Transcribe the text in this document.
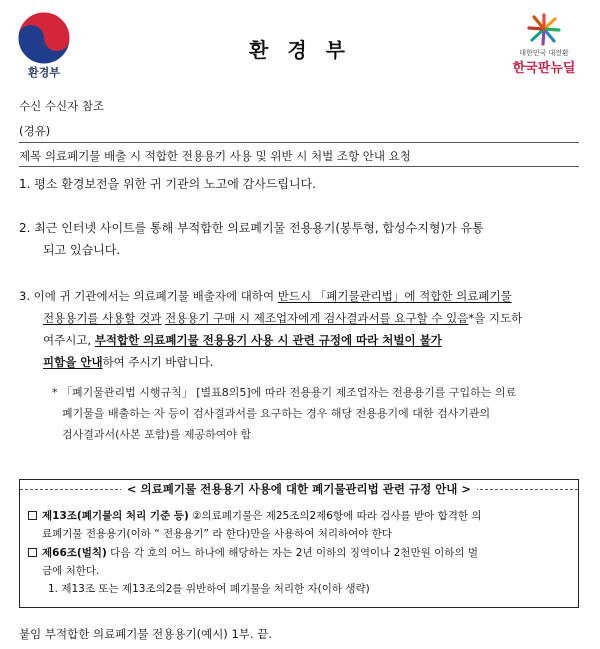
환경부
환 경 부	대한민국 대전환
한국판뉴딜
수신 수신자 참조
(경유)
제목 의료폐기물 배출 시 적합한 전용용기 사용 및 위반 시 처벌 조항 안내 요청
1. 평소 환경보전을 위한 귀 기관의 노고에 감사드립니다.
2. 최근 인터넷 사이트를 통해 부적합한 의료폐기물 전용용기(봉투형, 합성수지형)가 유통
되고 있습니다.
3. 이에 귀 기관에서는 의료폐기물 배출자에 대하여 반드시 「폐기물관리법」에 적합한 의료폐기물
전용용기를 사용할 것과 전용용기 구매 시 제조업자에게 검사결과서를 요구할 수 있음*을 지도하
여주시고, 부적합한 의료폐기물 전용용기 사용 시 관련 규정에 따라 처벌이 불가
피함을 안내하여 주시기 바랍니다.
* 「폐기물관리법 시행규칙」 [별표8의5]에 따라 전용용기 제조업자는 전용용기를 구입하는 의료
폐기물을 배출하는 자 등이 검사결과서를 요구하는 경우 해당 전용용기에 대한 검사기관의
검사결과서(사본 포함)를 제공하여야 함
< 의료폐기물 전용용기 사용에 대한 폐기물관리법 관련 규정 안내 >
제13조(폐기물의 처리 기준 등) ②의료폐기물은 제25조의2제6항에 따라 검사를 받아 합격한 의
료폐기물 전용용기(이하 “ 전용용기” 라 한다)만을 사용하여 처리하여야 한다
제66조(벌칙) 다음 각 호의 어느 하나에 해당하는 자는 2년 이하의 징역이나 2천만원 이하의 벌
금에 처한다.
1. 제13조 또는 제13조의2를 위반하여 폐기물을 처리한 자(이하 생략)
붙임 부적합한 의료폐기물 전용용기(예시) 1부. 끝.
